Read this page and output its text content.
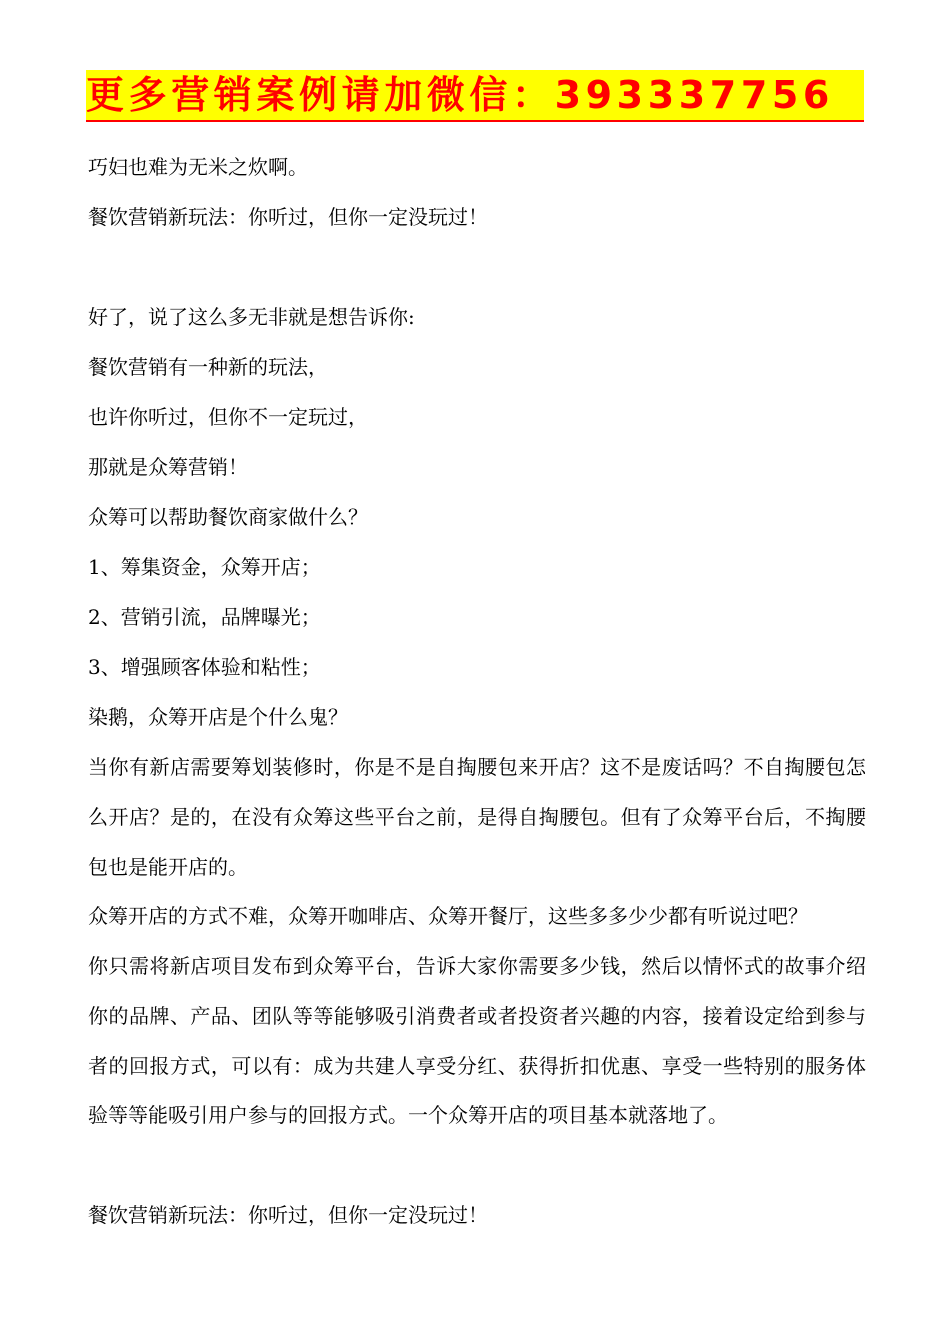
更多营销案例请加微信：393337756

巧妇也难为无米之炊啊。

餐饮营销新玩法：你听过，但你一定没玩过！

好了，说了这么多无非就是想告诉你:

餐饮营销有一种新的玩法，

也许你听过，但你不一定玩过，

那就是众筹营销！

众筹可以帮助餐饮商家做什么？

1、筹集资金，众筹开店；

2、营销引流，品牌曝光；

3、增强顾客体验和粘性；

染鹅，众筹开店是个什么鬼？

当你有新店需要筹划装修时，你是不是自掏腰包来开店？这不是废话吗？不自掏腰包怎么开店？是的，在没有众筹这些平台之前，是得自掏腰包。但有了众筹平台后，不掏腰包也是能开店的。

众筹开店的方式不难，众筹开咖啡店、众筹开餐厅，这些多多少少都有听说过吧？

你只需将新店项目发布到众筹平台，告诉大家你需要多少钱，然后以情怀式的故事介绍你的品牌、产品、团队等等能够吸引消费者或者投资者兴趣的内容，接着设定给到参与者的回报方式，可以有：成为共建人享受分红、获得折扣优惠、享受一些特别的服务体验等等能吸引用户参与的回报方式。一个众筹开店的项目基本就落地了。

餐饮营销新玩法：你听过，但你一定没玩过！
